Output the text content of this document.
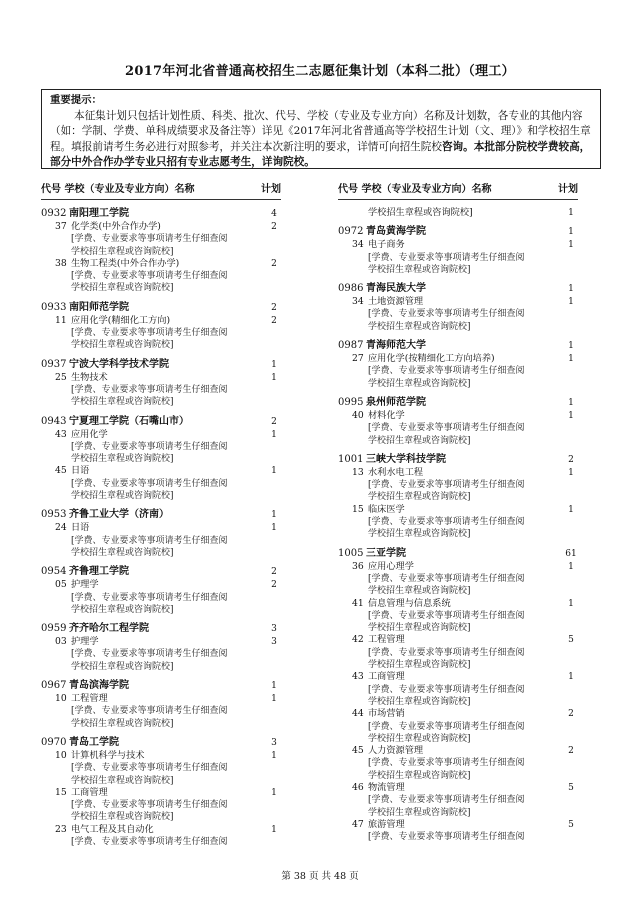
2017年河北省普通高校招生二志愿征集计划（本科二批）（理工）
重要提示：
本征集计划只包括计划性质、科类、批次、代号、学校（专业及专业方向）名称及计划数，各专业的其他内容（如：学制、学费、单科成绩要求及备注等）详见《2017年河北省普通高等学校招生计划（文、理）》和学校招生章程。填报前请考生务必进行对照参考，并关注本次新注明的要求，详情可向招生院校咨询。本批部分院校学费较高，部分中外合作办学专业只招有专业志愿考生，详询院校。
代号 学校（专业及专业方向）名称	计划
0932 南阳理工学院	4
37 化学类(中外合作办学)	2
[学费、专业要求等事项请考生仔细查阅
学校招生章程或咨询院校]
38 生物工程类(中外合作办学)	2
[学费、专业要求等事项请考生仔细查阅
学校招生章程或咨询院校]
0933 南阳师范学院	2
11 应用化学(精细化工方向)	2
[学费、专业要求等事项请考生仔细查阅
学校招生章程或咨询院校]
0937 宁波大学科学技术学院	1
25 生物技术	1
[学费、专业要求等事项请考生仔细查阅
学校招生章程或咨询院校]
0943 宁夏理工学院（石嘴山市）	2
43 应用化学	1
[学费、专业要求等事项请考生仔细查阅
学校招生章程或咨询院校]
45 日语	1
[学费、专业要求等事项请考生仔细查阅
学校招生章程或咨询院校]
0953 齐鲁工业大学（济南）	1
24 日语	1
[学费、专业要求等事项请考生仔细查阅
学校招生章程或咨询院校]
0954 齐鲁理工学院	2
05 护理学	2
[学费、专业要求等事项请考生仔细查阅
学校招生章程或咨询院校]
0959 齐齐哈尔工程学院	3
03 护理学	3
[学费、专业要求等事项请考生仔细查阅
学校招生章程或咨询院校]
0967 青岛滨海学院	1
10 工程管理	1
[学费、专业要求等事项请考生仔细查阅
学校招生章程或咨询院校]
0970 青岛工学院	3
10 计算机科学与技术	1
[学费、专业要求等事项请考生仔细查阅
学校招生章程或咨询院校]
15 工商管理	1
[学费、专业要求等事项请考生仔细查阅
学校招生章程或咨询院校]
23 电气工程及其自动化	1
[学费、专业要求等事项请考生仔细查阅
代号 学校（专业及专业方向）名称	计划
学校招生章程或咨询院校]	1
0972 青岛黄海学院	1
34 电子商务	1
[学费、专业要求等事项请考生仔细查阅
学校招生章程或咨询院校]
0986 青海民族大学	1
34 土地资源管理	1
[学费、专业要求等事项请考生仔细查阅
学校招生章程或咨询院校]
0987 青海师范大学	1
27 应用化学(按精细化工方向培养)	1
[学费、专业要求等事项请考生仔细查阅
学校招生章程或咨询院校]
0995 泉州师范学院	1
40 材料化学	1
[学费、专业要求等事项请考生仔细查阅
学校招生章程或咨询院校]
1001 三峡大学科技学院	2
13 水利水电工程	1
[学费、专业要求等事项请考生仔细查阅
学校招生章程或咨询院校]
15 临床医学	1
[学费、专业要求等事项请考生仔细查阅
学校招生章程或咨询院校]
1005 三亚学院	61
36 应用心理学	1
[学费、专业要求等事项请考生仔细查阅
学校招生章程或咨询院校]
41 信息管理与信息系统	1
[学费、专业要求等事项请考生仔细查阅
学校招生章程或咨询院校]
42 工程管理	5
[学费、专业要求等事项请考生仔细查阅
学校招生章程或咨询院校]
43 工商管理	1
[学费、专业要求等事项请考生仔细查阅
学校招生章程或咨询院校]
44 市场营销	2
[学费、专业要求等事项请考生仔细查阅
学校招生章程或咨询院校]
45 人力资源管理	2
[学费、专业要求等事项请考生仔细查阅
学校招生章程或咨询院校]
46 物流管理	5
[学费、专业要求等事项请考生仔细查阅
学校招生章程或咨询院校]
47 旅游管理	5
[学费、专业要求等事项请考生仔细查阅
第 38 页 共 48 页
